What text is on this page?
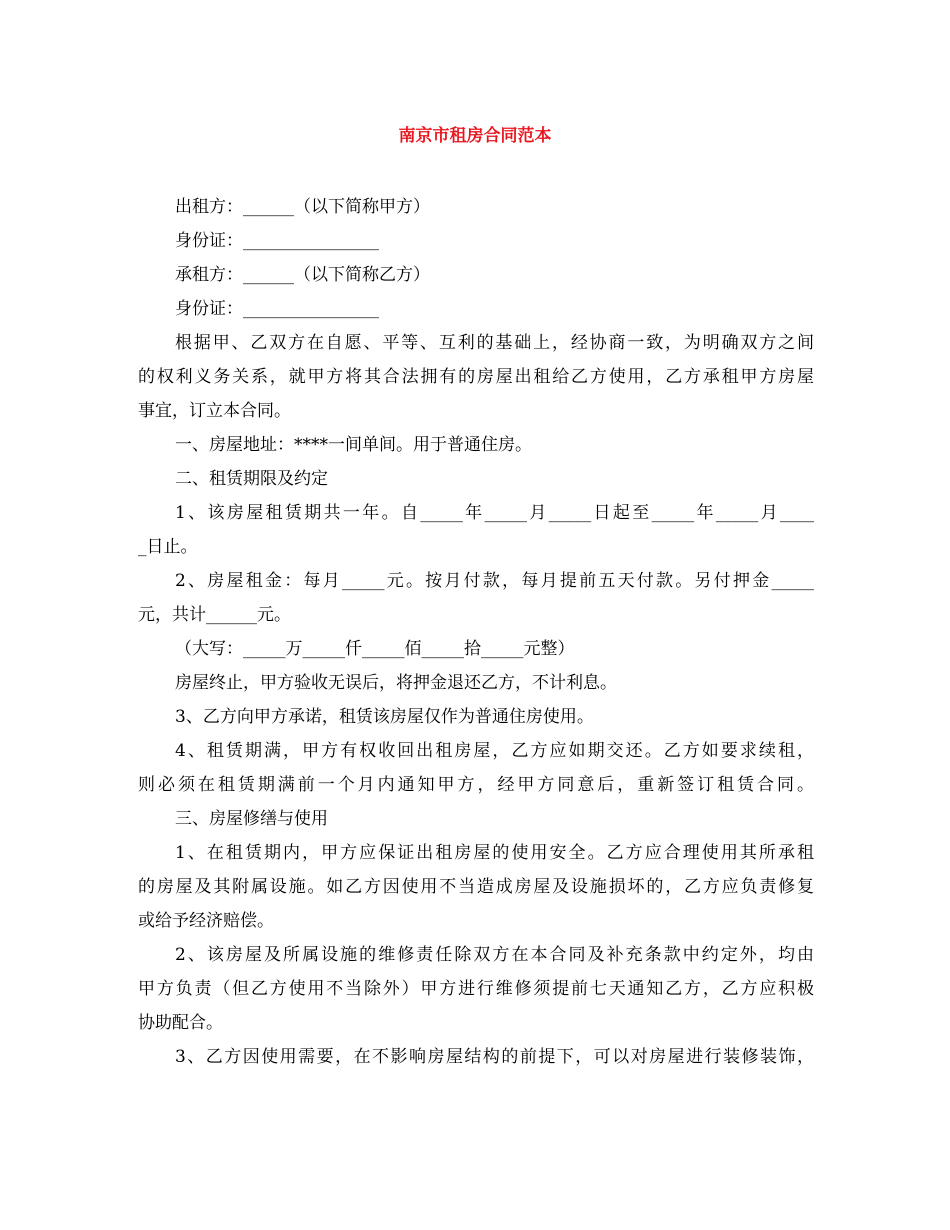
南京市租房合同范本
出租方：______（以下简称甲方）
身份证：________________
承租方：______（以下简称乙方）
身份证：________________
根据甲、乙双方在自愿、平等、互利的基础上，经协商一致，为明确双方之间
的权利义务关系，就甲方将其合法拥有的房屋出租给乙方使用，乙方承租甲方房屋
事宜，订立本合同。
一、房屋地址：****一间单间。用于普通住房。
二、租赁期限及约定
1、该房屋租赁期共一年。自_____年_____月_____日起至_____年_____月____
_日止。
2、房屋租金：每月_____元。按月付款，每月提前五天付款。另付押金_____
元，共计______元。
（大写：_____万_____仟_____佰_____拾_____元整）
房屋终止，甲方验收无误后，将押金退还乙方，不计利息。
3、乙方向甲方承诺，租赁该房屋仅作为普通住房使用。
4、租赁期满，甲方有权收回出租房屋，乙方应如期交还。乙方如要求续租，
则必须在租赁期满前一个月内通知甲方，经甲方同意后，重新签订租赁合同。
三、房屋修缮与使用
1、在租赁期内，甲方应保证出租房屋的使用安全。乙方应合理使用其所承租
的房屋及其附属设施。如乙方因使用不当造成房屋及设施损坏的，乙方应负责修复
或给予经济赔偿。
2、该房屋及所属设施的维修责任除双方在本合同及补充条款中约定外，均由
甲方负责（但乙方使用不当除外）甲方进行维修须提前七天通知乙方，乙方应积极
协助配合。
3、乙方因使用需要，在不影响房屋结构的前提下，可以对房屋进行装修装饰，
